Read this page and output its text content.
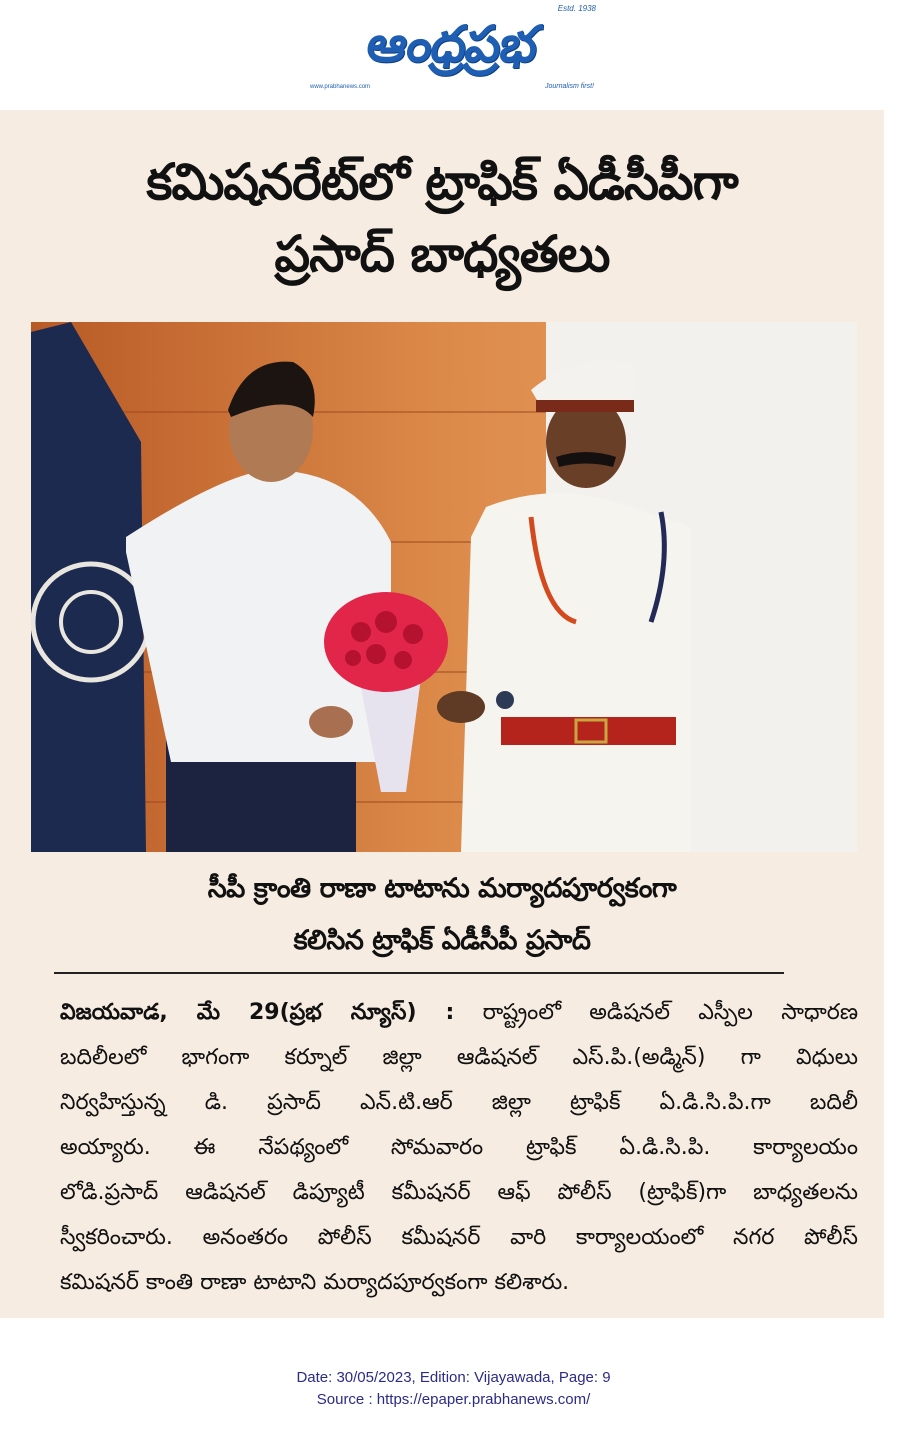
Estd. 1938
ఆంధ్రప్రభ
www.prabhanews.com	Journalism first!
కమిషనరేట్‌లో ట్రాఫిక్ ఏడీసీపీగా
ప్రసాద్ బాధ్యతలు
సీపీ క్రాంతి రాణా టాటాను మర్యాదపూర్వకంగా
కలిసిన ట్రాఫిక్ ఏడీసీపీ ప్రసాద్
విజయవాడ, మే 29(ప్రభ న్యూస్) : రాష్ట్రంలో అడిషనల్ ఎస్పీల సాధారణ
బదిలీలలో భాగంగా కర్నూల్ జిల్లా ఆడిషనల్ ఎస్.పి.(అడ్మిన్) గా విధులు
నిర్వహిస్తున్న డి. ప్రసాద్ ఎన్.టి.ఆర్ జిల్లా ట్రాఫిక్ ఏ.డి.సి.పి.గా బదిలీ
అయ్యారు. ఈ నేపథ్యంలో సోమవారం ట్రాఫిక్ ఏ.డి.సి.పి. కార్యాలయం
లోడి.ప్రసాద్ ఆడిషనల్ డిప్యూటీ కమీషనర్ ఆఫ్ పోలీస్ (ట్రాఫిక్)గా బాధ్యతలను
స్వీకరించారు. అనంతరం పోలీస్ కమీషనర్ వారి కార్యాలయంలో నగర పోలీస్
కమిషనర్ కాంతి రాణా టాటాని మర్యాదపూర్వకంగా కలిశారు.
Date: 30/05/2023, Edition: Vijayawada, Page: 9
Source : https://epaper.prabhanews.com/
